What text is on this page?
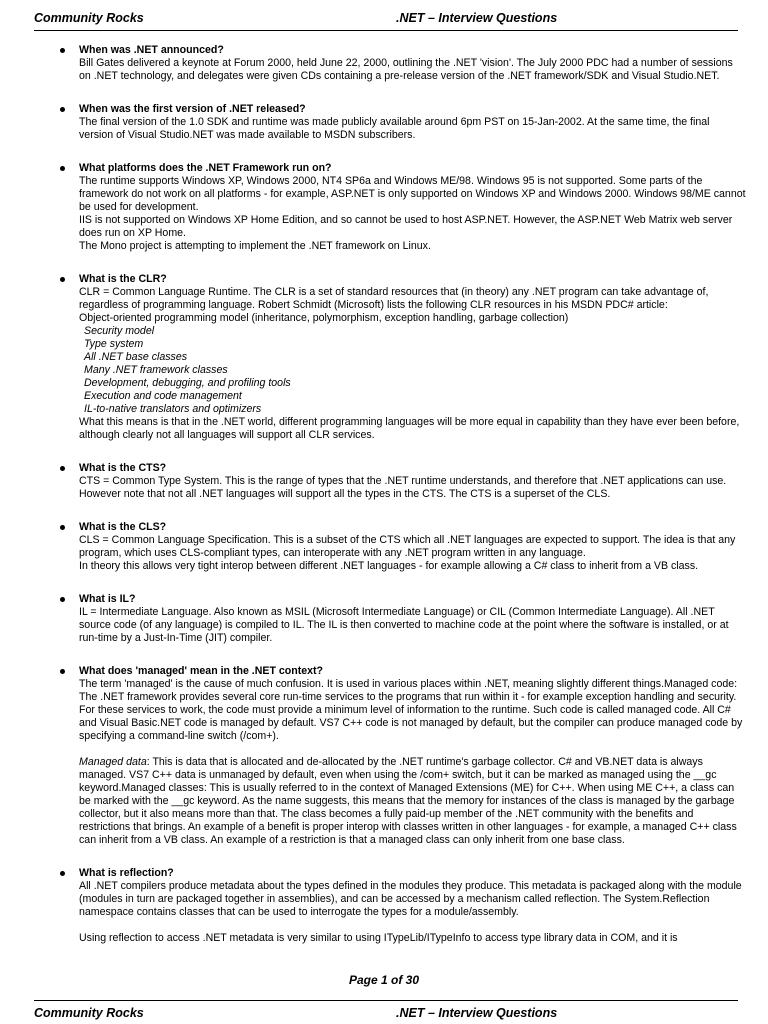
Community Rocks	.NET – Interview Questions
When was .NET announced?
Bill Gates delivered a keynote at Forum 2000, held June 22, 2000, outlining the .NET 'vision'. The July 2000 PDC had a number of sessions on .NET technology, and delegates were given CDs containing a pre-release version of the .NET framework/SDK and Visual Studio.NET.
When was the first version of .NET released?
The final version of the 1.0 SDK and runtime was made publicly available around 6pm PST on 15-Jan-2002. At the same time, the final version of Visual Studio.NET was made available to MSDN subscribers.
What platforms does the .NET Framework run on?
The runtime supports Windows XP, Windows 2000, NT4 SP6a and Windows ME/98. Windows 95 is not supported. Some parts of the framework do not work on all platforms - for example, ASP.NET is only supported on Windows XP and Windows 2000. Windows 98/ME cannot be used for development.
IIS is not supported on Windows XP Home Edition, and so cannot be used to host ASP.NET. However, the ASP.NET Web Matrix web server does run on XP Home.
The Mono project is attempting to implement the .NET framework on Linux.
What is the CLR?
CLR = Common Language Runtime. The CLR is a set of standard resources that (in theory) any .NET program can take advantage of, regardless of programming language. Robert Schmidt (Microsoft) lists the following CLR resources in his MSDN PDC# article:
Object-oriented programming model (inheritance, polymorphism, exception handling, garbage collection)
Security model
Type system
All .NET base classes
Many .NET framework classes
Development, debugging, and profiling tools
Execution and code management
IL-to-native translators and optimizers
What this means is that in the .NET world, different programming languages will be more equal in capability than they have ever been before, although clearly not all languages will support all CLR services.
What is the CTS?
CTS = Common Type System. This is the range of types that the .NET runtime understands, and therefore that .NET applications can use. However note that not all .NET languages will support all the types in the CTS. The CTS is a superset of the CLS.
What is the CLS?
CLS = Common Language Specification. This is a subset of the CTS which all .NET languages are expected to support. The idea is that any program, which uses CLS-compliant types, can interoperate with any .NET program written in any language.
In theory this allows very tight interop between different .NET languages - for example allowing a C# class to inherit from a VB class.
What is IL?
IL = Intermediate Language. Also known as MSIL (Microsoft Intermediate Language) or CIL (Common Intermediate Language). All .NET source code (of any language) is compiled to IL. The IL is then converted to machine code at the point where the software is installed, or at run-time by a Just-In-Time (JIT) compiler.
What does 'managed' mean in the .NET context?
The term 'managed' is the cause of much confusion. It is used in various places within .NET, meaning slightly different things.Managed code: The .NET framework provides several core run-time services to the programs that run within it - for example exception handling and security. For these services to work, the code must provide a minimum level of information to the runtime. Such code is called managed code. All C# and Visual Basic.NET code is managed by default. VS7 C++ code is not managed by default, but the compiler can produce managed code by specifying a command-line switch (/com+).
Managed data: This is data that is allocated and de-allocated by the .NET runtime's garbage collector. C# and VB.NET data is always managed. VS7 C++ data is unmanaged by default, even when using the /com+ switch, but it can be marked as managed using the __gc keyword.Managed classes: This is usually referred to in the context of Managed Extensions (ME) for C++. When using ME C++, a class can be marked with the __gc keyword. As the name suggests, this means that the memory for instances of the class is managed by the garbage collector, but it also means more than that. The class becomes a fully paid-up member of the .NET community with the benefits and restrictions that brings. An example of a benefit is proper interop with classes written in other languages - for example, a managed C++ class can inherit from a VB class. An example of a restriction is that a managed class can only inherit from one base class.
What is reflection?
All .NET compilers produce metadata about the types defined in the modules they produce. This metadata is packaged along with the module (modules in turn are packaged together in assemblies), and can be accessed by a mechanism called reflection. The System.Reflection namespace contains classes that can be used to interrogate the types for a module/assembly.
Using reflection to access .NET metadata is very similar to using ITypeLib/ITypeInfo to access type library data in COM, and it is
Page 1 of 30
Community Rocks	.NET – Interview Questions
